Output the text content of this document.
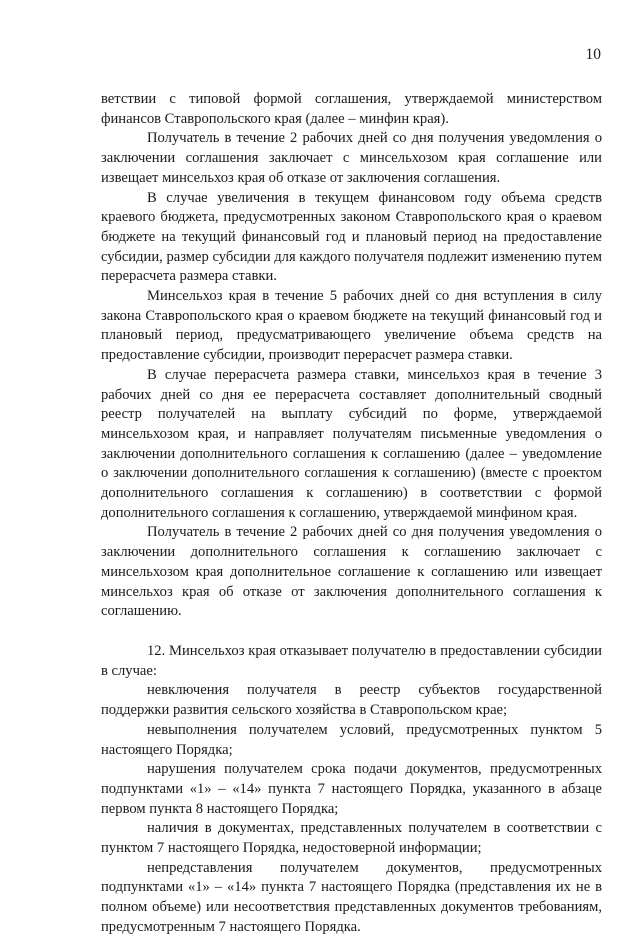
10

ветствии с типовой формой соглашения, утверждаемой министерством финансов Ставропольского края (далее – минфин края).

Получатель в течение 2 рабочих дней со дня получения уведомления о заключении соглашения заключает с минсельхозом края соглашение или извещает минсельхоз края об отказе от заключения соглашения.

В случае увеличения в текущем финансовом году объема средств краевого бюджета, предусмотренных законом Ставропольского края о краевом бюджете на текущий финансовый год и плановый период на предоставление субсидии, размер субсидии для каждого получателя подлежит изменению путем перерасчета размера ставки.

Минсельхоз края в течение 5 рабочих дней со дня вступления в силу закона Ставропольского края о краевом бюджете на текущий финансовый год и плановый период, предусматривающего увеличение объема средств на предоставление субсидии, производит перерасчет размера ставки.

В случае перерасчета размера ставки, минсельхоз края в течение 3 рабочих дней со дня ее перерасчета составляет дополнительный сводный реестр получателей на выплату субсидий по форме, утверждаемой минсельхозом края, и направляет получателям письменные уведомления о заключении дополнительного соглашения к соглашению (далее – уведомление о заключении дополнительного соглашения к соглашению) (вместе с проектом дополнительного соглашения к соглашению) в соответствии с формой дополнительного соглашения к соглашению, утверждаемой минфином края.

Получатель в течение 2 рабочих дней со дня получения уведомления о заключении дополнительного соглашения к соглашению заключает с минсельхозом края дополнительное соглашение к соглашению или извещает минсельхоз края об отказе от заключения дополнительного соглашения к соглашению.

12. Минсельхоз края отказывает получателю в предоставлении субсидии в случае:

невключения получателя в реестр субъектов государственной поддержки развития сельского хозяйства в Ставропольском крае;

невыполнения получателем условий, предусмотренных пунктом 5 настоящего Порядка;

нарушения получателем срока подачи документов, предусмотренных подпунктами «1» – «14» пункта 7 настоящего Порядка, указанного в абзаце первом пункта 8 настоящего Порядка;

наличия в документах, представленных получателем в соответствии с пунктом 7 настоящего Порядка, недостоверной информации;

непредставления получателем документов, предусмотренных подпунктами «1» – «14» пункта 7 настоящего Порядка (представления их не в полном объеме) или несоответствия представленных документов требованиям, предусмотренным 7 настоящего Порядка.
